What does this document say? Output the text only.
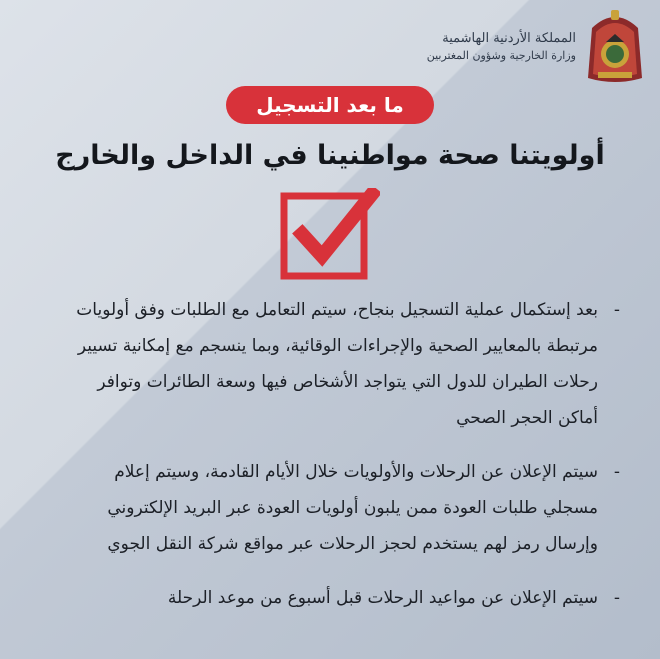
المملكة الأردنية الهاشمية
وزارة الخارجية وشؤون المغتربين
ما بعد التسجيل
أولويتنا صحة مواطنينا في الداخل والخارج
-
بعد إستكمال عملية التسجيل بنجاح، سيتم التعامل مع الطلبات وفق أولويات مرتبطة بالمعايير الصحية والإجراءات الوقائية، وبما ينسجم مع إمكانية تسيير رحلات الطيران للدول التي يتواجد الأشخاص فيها وسعة الطائرات وتوافر أماكن الحجر الصحي
-
سيتم الإعلان عن الرحلات والأولويات خلال الأيام القادمة، وسيتم إعلام مسجلي طلبات العودة ممن يلبون أولويات العودة عبر البريد الإلكتروني وإرسال رمز لهم يستخدم لحجز الرحلات عبر مواقع شركة النقل الجوي
-
سيتم الإعلان عن مواعيد الرحلات قبل أسبوع من موعد الرحلة
